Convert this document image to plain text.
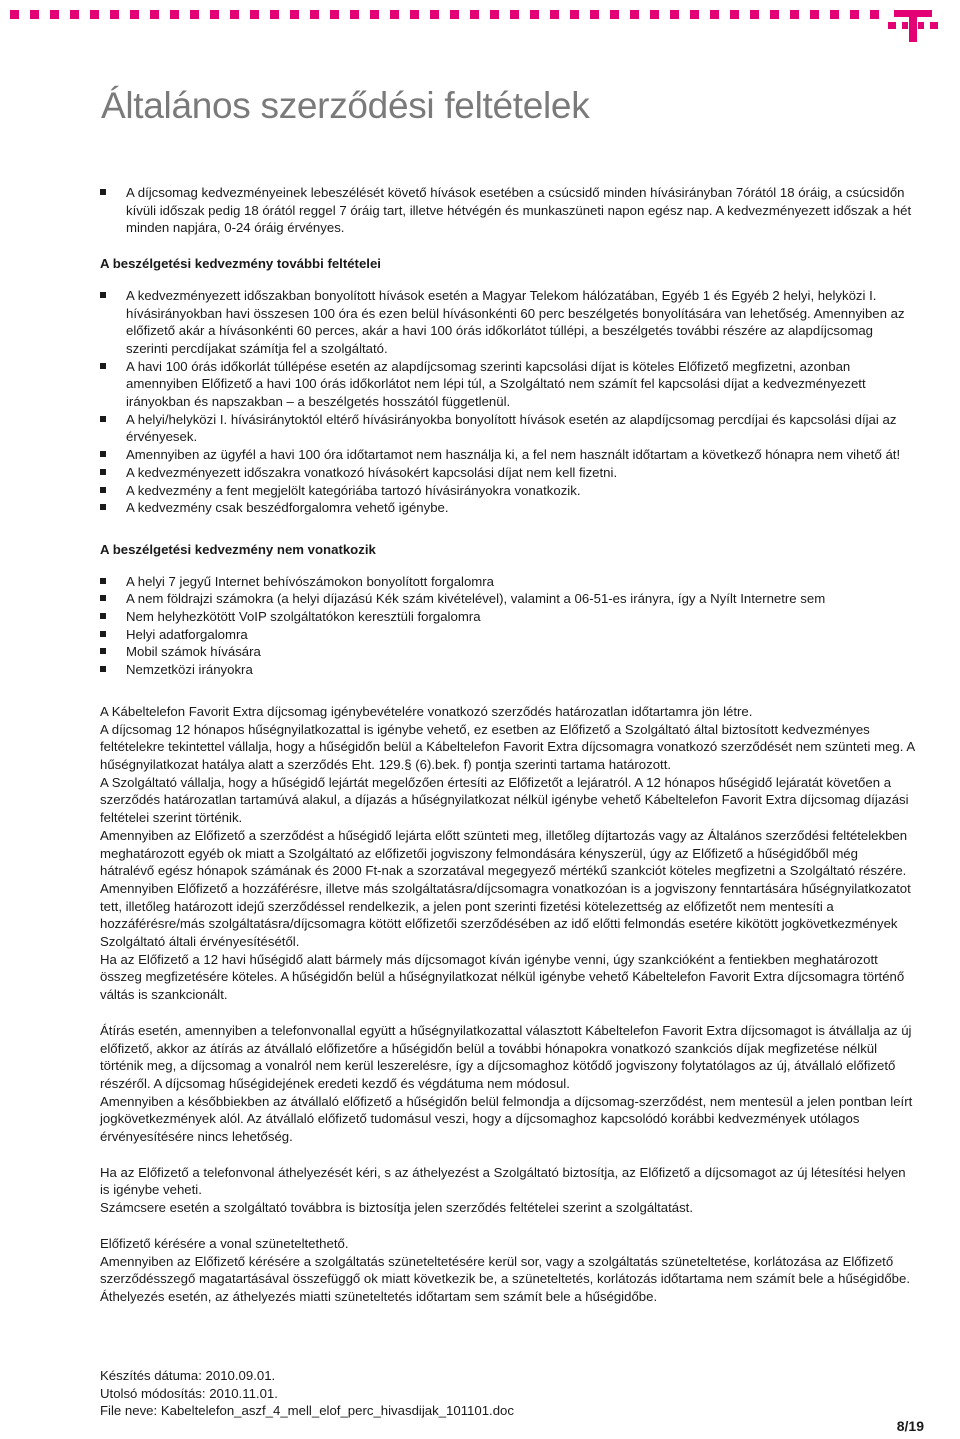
Általános szerződési feltételek
A díjcsomag kedvezményeinek lebeszélését követő hívások esetében a csúcsidő minden hívásirányban 7órától 18 óráig, a csúcsidőn kívüli időszak pedig 18 órától reggel 7 óráig tart, illetve hétvégén és munkaszüneti napon egész nap. A kedvezményezett időszak a hét minden napjára, 0-24 óráig érvényes.

A beszélgetési kedvezmény további feltételei

A kedvezményezett időszakban bonyolított hívások esetén a Magyar Telekom hálózatában, Egyéb 1 és Egyéb 2 helyi, helyközi I. hívásirányokban havi összesen 100 óra és ezen belül hívásonkénti 60 perc beszélgetés bonyolítására van lehetőség. Amennyiben az előfizető akár a hívásonkénti 60 perces, akár a havi 100 órás időkorlátot túllépi, a beszélgetés további részére az alapdíjcsomag szerinti percdíjakat számítja fel a szolgáltató.
A havi 100 órás időkorlát túllépése esetén az alapdíjcsomag szerinti kapcsolási díjat is köteles Előfizető megfizetni, azonban amennyiben Előfizető a havi 100 órás időkorlátot nem lépi túl, a Szolgáltató nem számít fel kapcsolási díjat a kedvezményezett irányokban és napszakban – a beszélgetés hosszától függetlenül.
A helyi/helyközi I. hívásiránytoktól eltérő hívásirányokba bonyolított hívások esetén az alapdíjcsomag percdíjai és kapcsolási díjai az érvényesek.
Amennyiben az ügyfél a havi 100 óra időtartamot nem használja ki, a fel nem használt időtartam a következő hónapra nem vihető át!
A kedvezményezett időszakra vonatkozó hívásokért kapcsolási díjat nem kell fizetni.
A kedvezmény a fent megjelölt kategóriába tartozó hívásirányokra vonatkozik.
A kedvezmény csak beszédforgalomra vehető igénybe.

A beszélgetési kedvezmény nem vonatkozik

A helyi 7 jegyű Internet behívószámokon bonyolított forgalomra
A nem földrajzi számokra (a helyi díjazású Kék szám kivételével), valamint a 06-51-es irányra, így a Nyílt Internetre sem
Nem helyhezkötött VoIP szolgáltatókon keresztüli forgalomra
Helyi adatforgalomra
Mobil számok hívására
Nemzetközi irányokra

A Kábeltelefon Favorit Extra díjcsomag igénybevételére vonatkozó szerződés határozatlan időtartamra jön létre.

A díjcsomag 12 hónapos hűségnyilatkozattal is igénybe vehető, ez esetben az Előfizető a Szolgáltató által biztosított kedvezményes feltételekre tekintettel vállalja, hogy a hűségidőn belül a Kábeltelefon Favorit Extra díjcsomagra vonatkozó szerződését nem szünteti meg. A hűségnyilatkozat hatálya alatt a szerződés Eht. 129.§ (6).bek. f) pontja szerinti tartama határozott.

A Szolgáltató vállalja, hogy a hűségidő lejártát megelőzően értesíti az Előfizetőt a lejáratról. A 12 hónapos hűségidő lejáratát követően a szerződés határozatlan tartamúvá alakul, a díjazás a hűségnyilatkozat nélkül igénybe vehető Kábeltelefon Favorit Extra díjcsomag díjazási feltételei szerint történik.

Amennyiben az Előfizető a szerződést a hűségidő lejárta előtt szünteti meg, illetőleg díjtartozás vagy az Általános szerződési feltételekben meghatározott egyéb ok miatt a Szolgáltató az előfizetői jogviszony felmondására kényszerül, úgy az Előfizető a hűségidőből még hátralévő egész hónapok számának és 2000 Ft-nak a szorzatával megegyező mértékű szankciót köteles megfizetni a Szolgáltató részére.

Amennyiben Előfizető a hozzáférésre, illetve más szolgáltatásra/díjcsomagra vonatkozóan is a jogviszony fenntartására hűségnyilatkozatot tett, illetőleg határozott idejű szerződéssel rendelkezik, a jelen pont szerinti fizetési kötelezettség az előfizetőt nem mentesíti a hozzáférésre/más szolgáltatásra/díjcsomagra kötött előfizetői szerződésében az idő előtti felmondás esetére kikötött jogkövetkezmények Szolgáltató általi érvényesítésétől.

Ha az Előfizető a 12 havi hűségidő alatt bármely más díjcsomagot kíván igénybe venni, úgy szankcióként a fentiekben meghatározott összeg megfizetésére köteles. A hűségidőn belül a hűségnyilatkozat nélkül igénybe vehető Kábeltelefon Favorit Extra díjcsomagra történő váltás is szankcionált.

Átírás esetén, amennyiben a telefonvonallal együtt a hűségnyilatkozattal választott Kábeltelefon Favorit Extra díjcsomagot is átvállalja az új előfizető, akkor az átírás az átvállaló előfizetőre a hűségidőn belül a további hónapokra vonatkozó szankciós díjak megfizetése nélkül történik meg, a díjcsomag a vonalról nem kerül leszerelésre, így a díjcsomaghoz kötődő jogviszony folytatólagos az új, átvállaló előfizető részéről. A díjcsomag hűségidejének eredeti kezdő és végdátuma nem módosul.

Amennyiben a későbbiekben az átvállaló előfizető a hűségidőn belül felmondja a díjcsomag-szerződést, nem mentesül a jelen pontban leírt jogkövetkezmények alól. Az átvállaló előfizető tudomásul veszi, hogy a díjcsomaghoz kapcsolódó korábbi kedvezmények utólagos érvényesítésére nincs lehetőség.

Ha az Előfizető a telefonvonal áthelyezését kéri, s az áthelyezést a Szolgáltató biztosítja, az Előfizető a díjcsomagot az új létesítési helyen is igénybe veheti.

Számcsere esetén a szolgáltató továbbra is biztosítja jelen szerződés feltételei szerint a szolgáltatást.

Előfizető kérésére a vonal szüneteltethető.

Amennyiben az Előfizető kérésére a szolgáltatás szüneteltetésére kerül sor, vagy a szolgáltatás szüneteltetése, korlátozása az Előfizető szerződésszegő magatartásával összefüggő ok miatt következik be, a szüneteltetés, korlátozás időtartama nem számít bele a hűségidőbe. Áthelyezés esetén, az áthelyezés miatti szüneteltetés időtartam sem számít bele a hűségidőbe.

Készítés dátuma: 2010.09.01.
Utolsó módosítás: 2010.11.01.
File neve: Kabeltelefon_aszf_4_mell_elof_perc_hivasdijak_101101.doc
8/19
